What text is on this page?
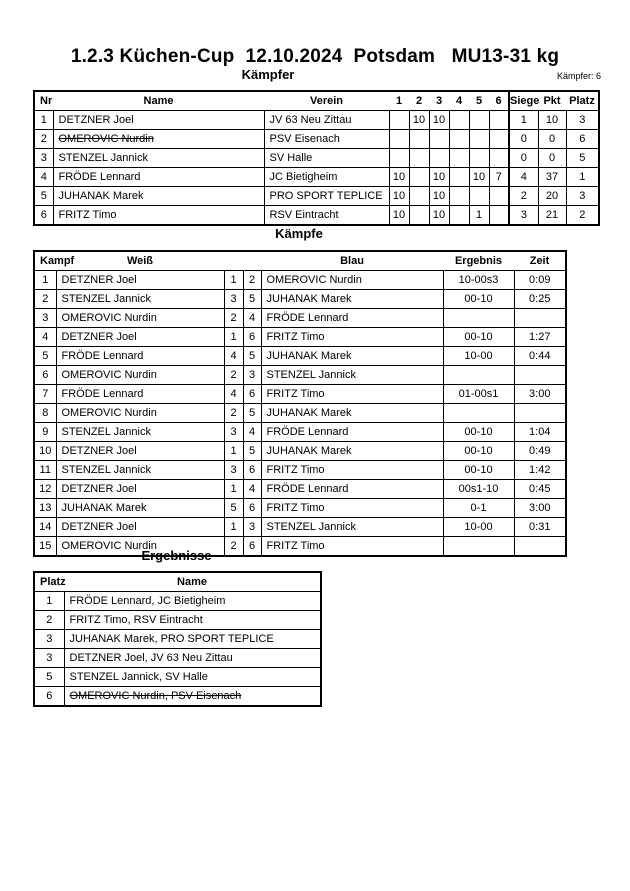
1.2.3 Küchen-Cup  12.10.2024  Potsdam   MU13-31 kg
Kämpfer	Kämpfer: 6
Nr	Name	Verein	1	2	3	4	5	6	Siege	Pkt	Platz
1	DETZNER Joel	JV 63 Neu Zittau		10	10				1	10	3
2	OMEROVIC Nurdin	PSV Eisenach							0	0	6
3	STENZEL Jannick	SV Halle							0	0	5
4	FRÖDE Lennard	JC Bietigheim	10		10		10	7	4	37	1
5	JUHANAK Marek	PRO SPORT TEPLICE	10		10				2	20	3
6	FRITZ Timo	RSV Eintracht	10		10		1		3	21	2
Kämpfe
Kampf	Weiß			Blau	Ergebnis	Zeit
1	DETZNER Joel	1	2	OMEROVIC Nurdin	10-00s3	0:09
2	STENZEL Jannick	3	5	JUHANAK Marek	00-10	0:25
3	OMEROVIC Nurdin	2	4	FRÖDE Lennard		
4	DETZNER Joel	1	6	FRITZ Timo	00-10	1:27
5	FRÖDE Lennard	4	5	JUHANAK Marek	10-00	0:44
6	OMEROVIC Nurdin	2	3	STENZEL Jannick		
7	FRÖDE Lennard	4	6	FRITZ Timo	01-00s1	3:00
8	OMEROVIC Nurdin	2	5	JUHANAK Marek		
9	STENZEL Jannick	3	4	FRÖDE Lennard	00-10	1:04
10	DETZNER Joel	1	5	JUHANAK Marek	00-10	0:49
11	STENZEL Jannick	3	6	FRITZ Timo	00-10	1:42
12	DETZNER Joel	1	4	FRÖDE Lennard	00s1-10	0:45
13	JUHANAK Marek	5	6	FRITZ Timo	0-1	3:00
14	DETZNER Joel	1	3	STENZEL Jannick	10-00	0:31
15	OMEROVIC Nurdin	2	6	FRITZ Timo		
Ergebnisse
Platz	Name
1	FRÖDE Lennard, JC Bietigheim
2	FRITZ Timo, RSV Eintracht
3	JUHANAK Marek, PRO SPORT TEPLICE
3	DETZNER Joel, JV 63 Neu Zittau
5	STENZEL Jannick, SV Halle
6	OMEROVIC Nurdin, PSV Eisenach
